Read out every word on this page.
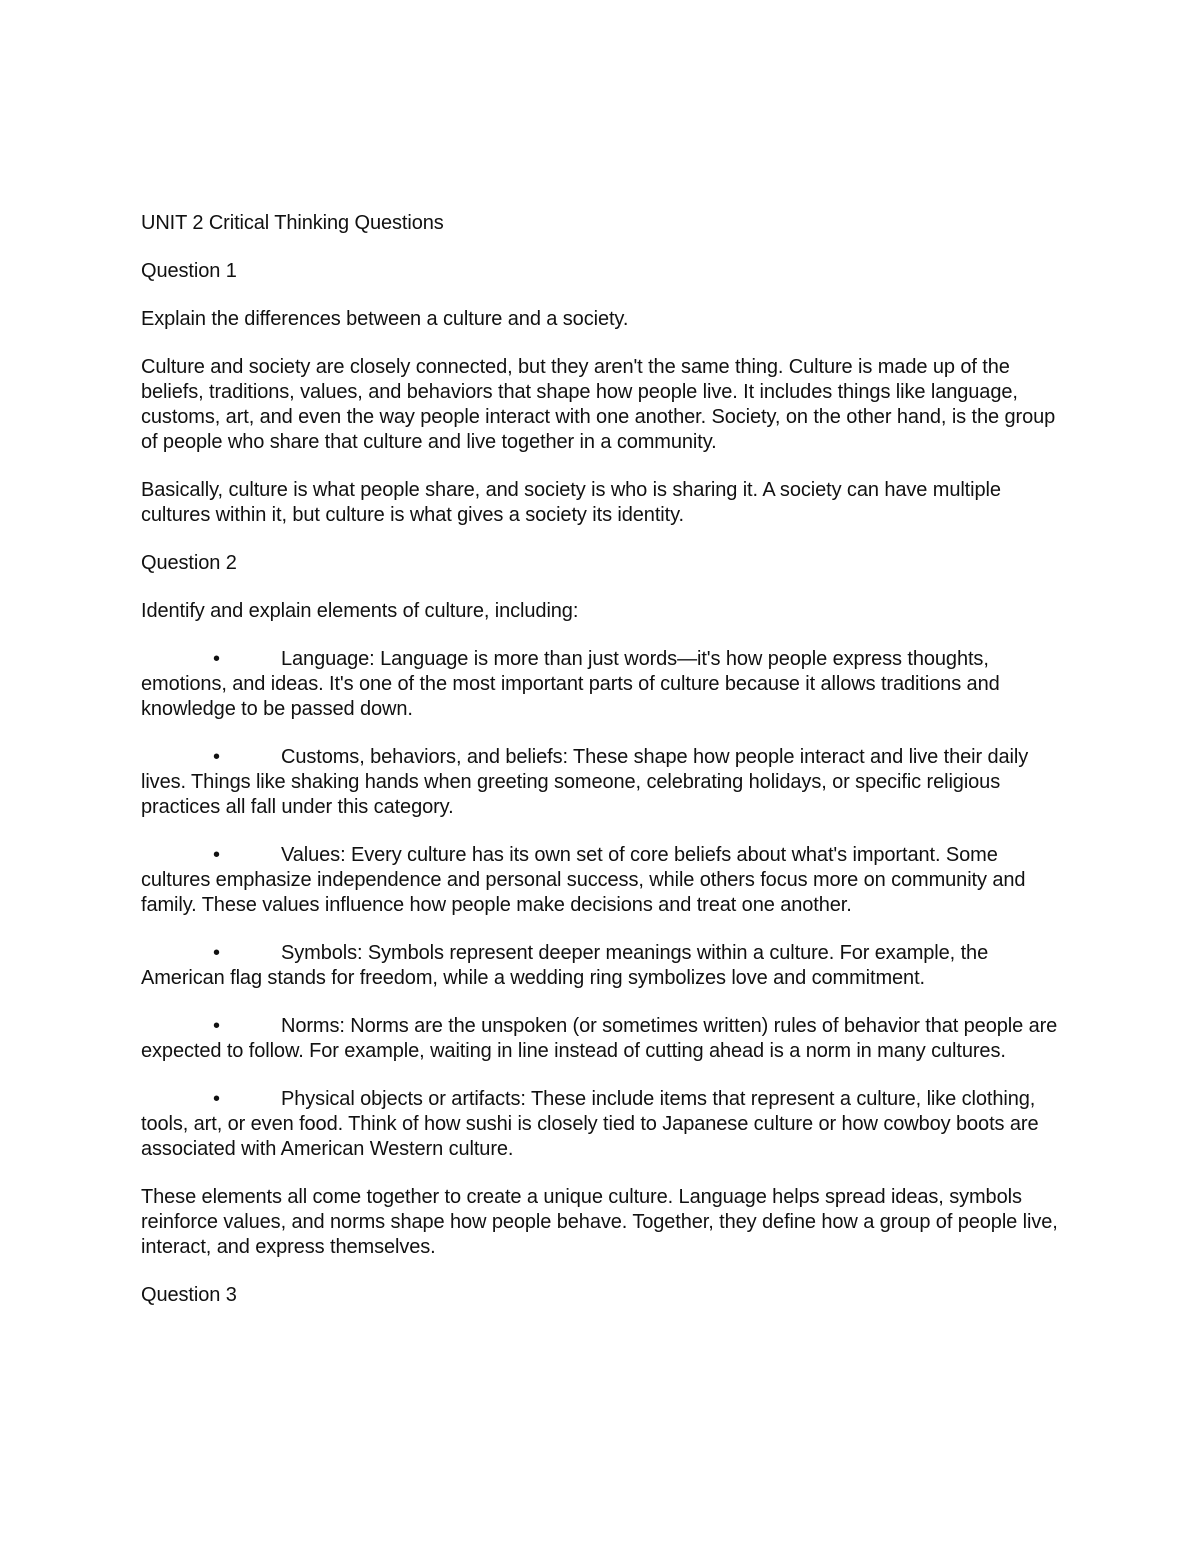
UNIT 2 Critical Thinking Questions

Question 1

Explain the differences between a culture and a society.

Culture and society are closely connected, but they aren't the same thing. Culture is made up of the beliefs, traditions, values, and behaviors that shape how people live. It includes things like language, customs, art, and even the way people interact with one another. Society, on the other hand, is the group of people who share that culture and live together in a community.

Basically, culture is what people share, and society is who is sharing it. A society can have multiple cultures within it, but culture is what gives a society its identity.

Question 2

Identify and explain elements of culture, including:

•	Language: Language is more than just words—it's how people express thoughts, emotions, and ideas. It's one of the most important parts of culture because it allows traditions and knowledge to be passed down.
•	Customs, behaviors, and beliefs: These shape how people interact and live their daily lives. Things like shaking hands when greeting someone, celebrating holidays, or specific religious practices all fall under this category.
•	Values: Every culture has its own set of core beliefs about what's important. Some cultures emphasize independence and personal success, while others focus more on community and family. These values influence how people make decisions and treat one another.
•	Symbols: Symbols represent deeper meanings within a culture. For example, the American flag stands for freedom, while a wedding ring symbolizes love and commitment.
•	Norms: Norms are the unspoken (or sometimes written) rules of behavior that people are expected to follow. For example, waiting in line instead of cutting ahead is a norm in many cultures.
•	Physical objects or artifacts: These include items that represent a culture, like clothing, tools, art, or even food. Think of how sushi is closely tied to Japanese culture or how cowboy boots are associated with American Western culture.

These elements all come together to create a unique culture. Language helps spread ideas, symbols reinforce values, and norms shape how people behave. Together, they define how a group of people live, interact, and express themselves.

Question 3
